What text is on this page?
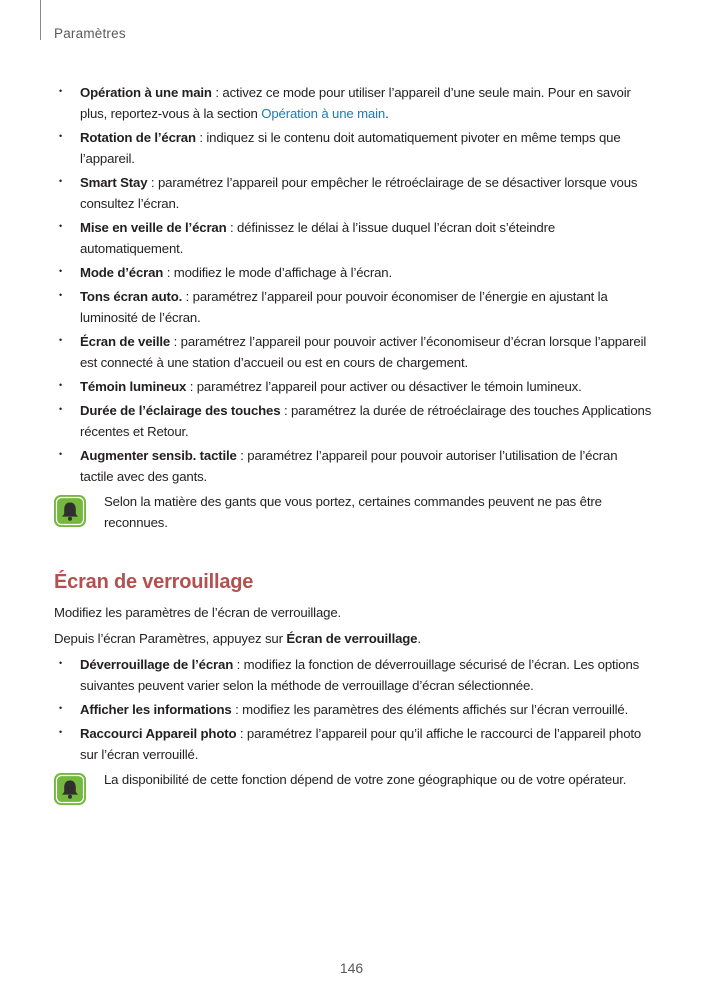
Paramètres
• Opération à une main : activez ce mode pour utiliser l’appareil d’une seule main. Pour en savoir plus, reportez-vous à la section Opération à une main.
• Rotation de l’écran : indiquez si le contenu doit automatiquement pivoter en même temps que l’appareil.
• Smart Stay : paramétrez l’appareil pour empêcher le rétroéclairage de se désactiver lorsque vous consultez l’écran.
• Mise en veille de l’écran : définissez le délai à l’issue duquel l’écran doit s’éteindre automatiquement.
• Mode d’écran : modifiez le mode d’affichage à l’écran.
• Tons écran auto. : paramétrez l’appareil pour pouvoir économiser de l’énergie en ajustant la luminosité de l’écran.
• Écran de veille : paramétrez l’appareil pour pouvoir activer l’économiseur d’écran lorsque l’appareil est connecté à une station d’accueil ou est en cours de chargement.
• Témoin lumineux : paramétrez l’appareil pour activer ou désactiver le témoin lumineux.
• Durée de l’éclairage des touches : paramétrez la durée de rétroéclairage des touches Applications récentes et Retour.
• Augmenter sensib. tactile : paramétrez l’appareil pour pouvoir autoriser l’utilisation de l’écran tactile avec des gants.
Selon la matière des gants que vous portez, certaines commandes peuvent ne pas être reconnues.
Écran de verrouillage

Modifiez les paramètres de l’écran de verrouillage.

Depuis l’écran Paramètres, appuyez sur Écran de verrouillage.

• Déverrouillage de l’écran : modifiez la fonction de déverrouillage sécurisé de l’écran. Les options suivantes peuvent varier selon la méthode de verrouillage d’écran sélectionnée.
• Afficher les informations : modifiez les paramètres des éléments affichés sur l’écran verrouillé.
• Raccourci Appareil photo : paramétrez l’appareil pour qu’il affiche le raccourci de l’appareil photo sur l’écran verrouillé.
La disponibilité de cette fonction dépend de votre zone géographique ou de votre opérateur.
146
